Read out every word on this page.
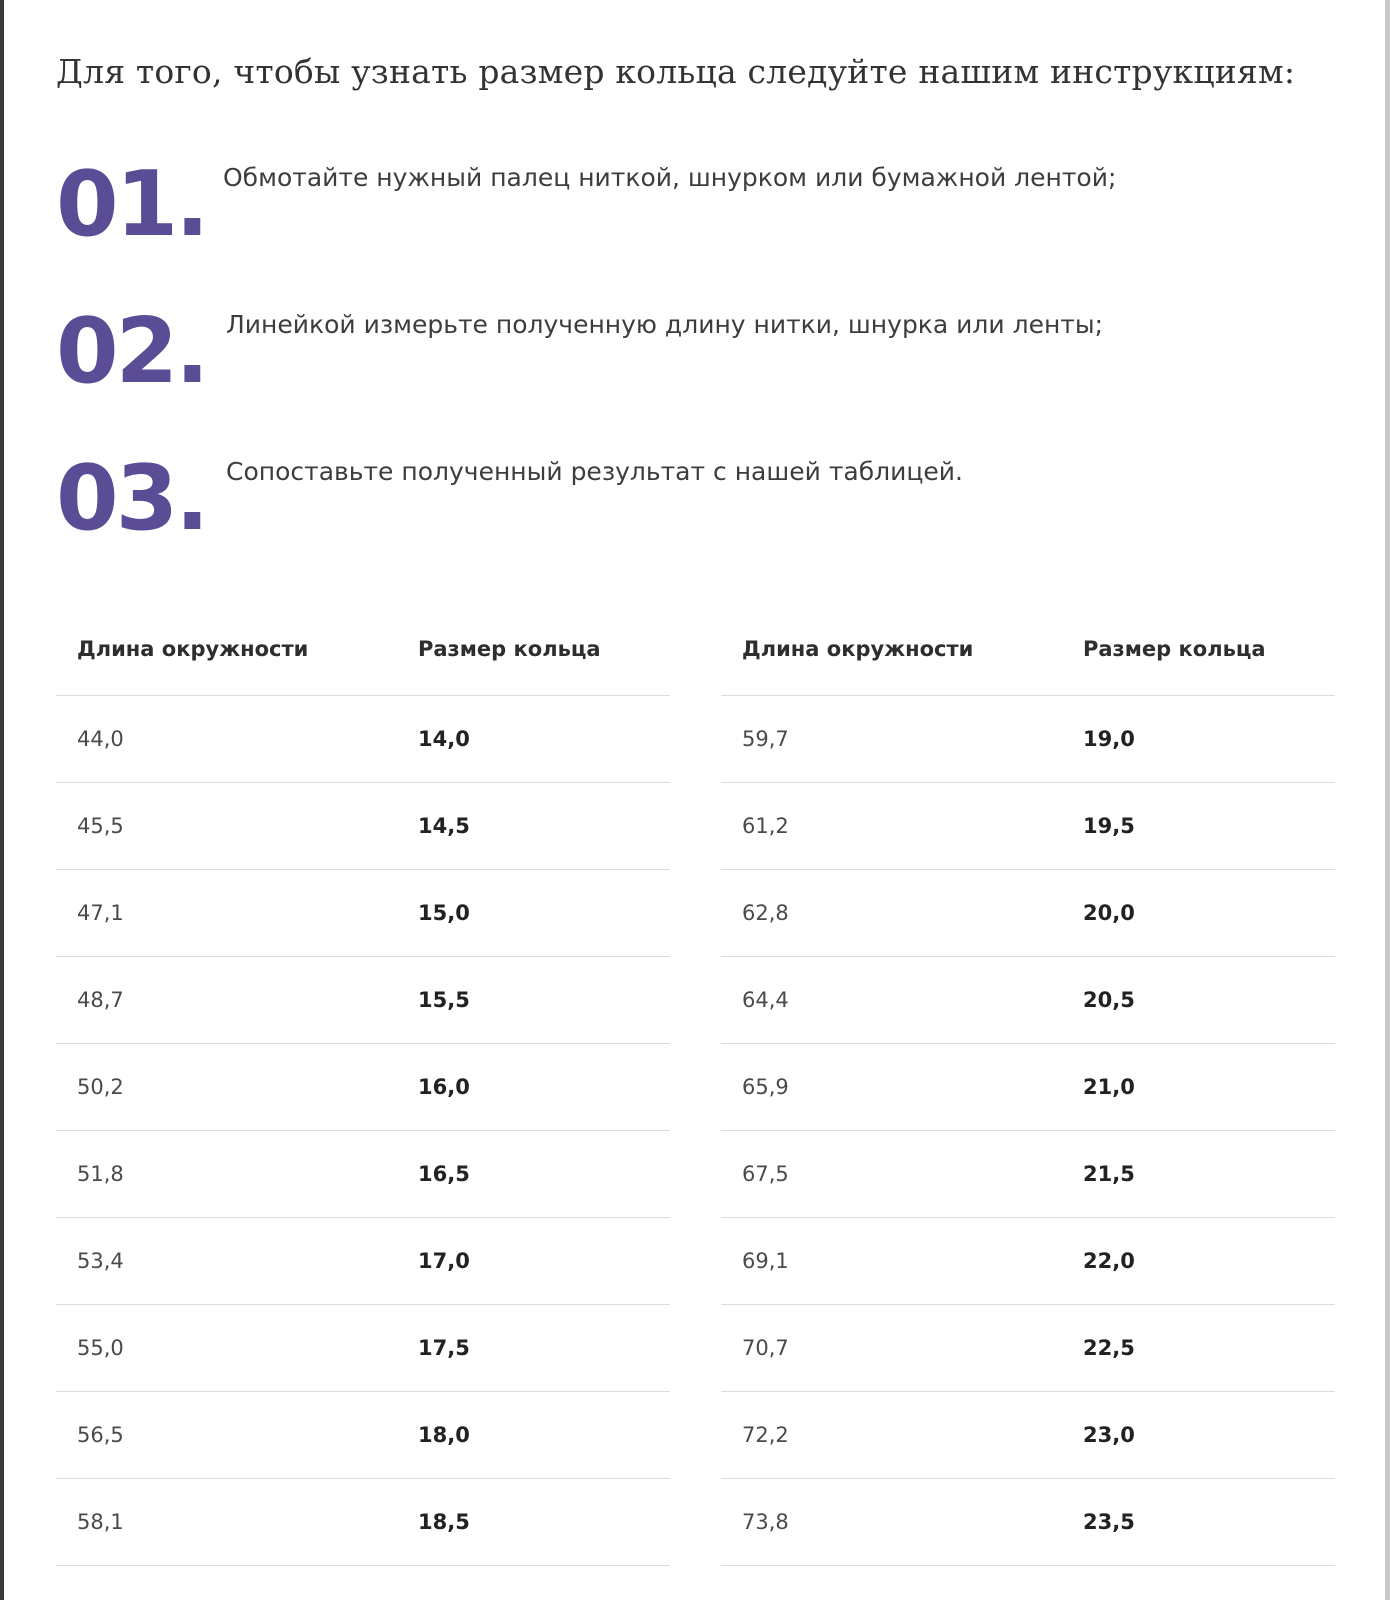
Для того, чтобы узнать размер кольца следуйте нашим инструкциям:
01. Обмотайте нужный палец ниткой, шнурком или бумажной лентой;
02. Линейкой измерьте полученную длину нитки, шнурка или ленты;
03. Сопоставьте полученный результат с нашей таблицей.
Длина окружности	Размер кольца
44,0	14,0
45,5	14,5
47,1	15,0
48,7	15,5
50,2	16,0
51,8	16,5
53,4	17,0
55,0	17,5
56,5	18,0
58,1	18,5
Длина окружности	Размер кольца
59,7	19,0
61,2	19,5
62,8	20,0
64,4	20,5
65,9	21,0
67,5	21,5
69,1	22,0
70,7	22,5
72,2	23,0
73,8	23,5
